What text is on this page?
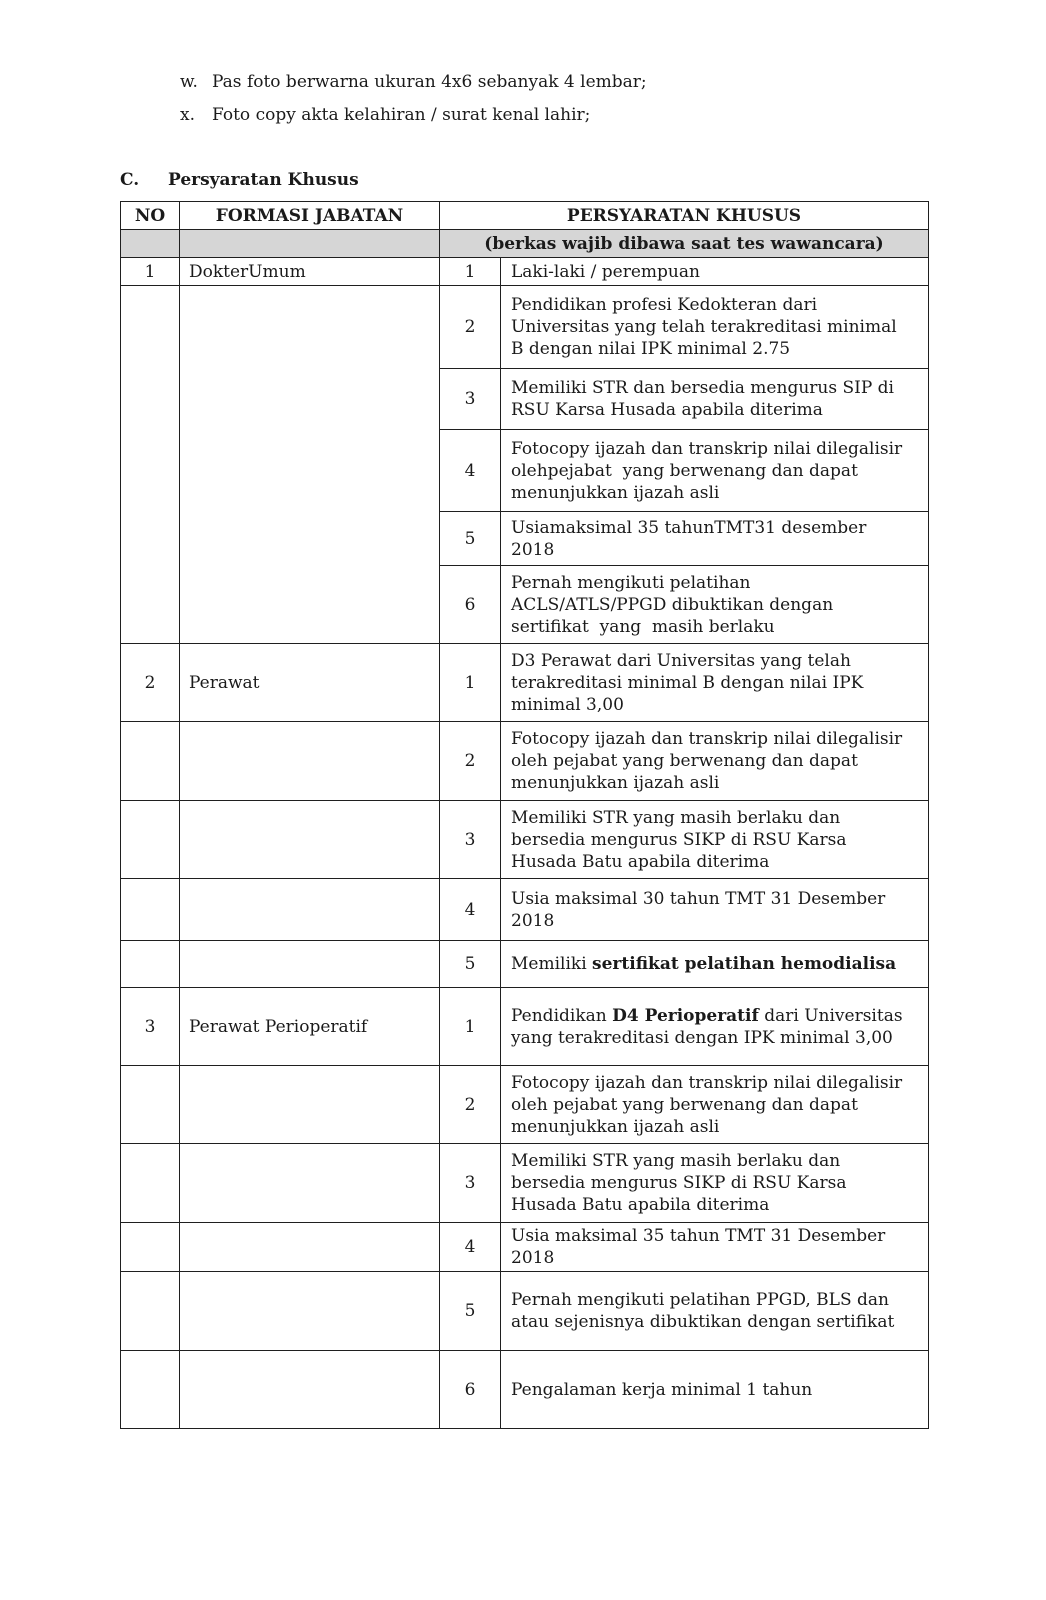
w. Pas foto berwarna ukuran 4x6 sebanyak 4 lembar;
x. Foto copy akta kelahiran / surat kenal lahir;
C. Persyaratan Khusus
NO	FORMASI JABATAN	PERSYARATAN KHUSUS	
		(berkas wajib dibawa saat tes wawancara)	
1	DokterUmum	1	Laki-laki / perempuan

		2	Pendidikan profesi Kedokteran dari
Universitas yang telah terakreditasi minimal
B dengan nilai IPK minimal 2.75

		3	Memiliki STR dan bersedia mengurus SIP di
RSU Karsa Husada apabila diterima

		4	Fotocopy ijazah dan transkrip nilai dilegalisir
olehpejabat  yang berwenang dan dapat
menunjukkan ijazah asli

		5	Usiamaksimal 35 tahunTMT31 desember
2018

		6	Pernah mengikuti pelatihan
ACLS/ATLS/PPGD dibuktikan dengan
sertifikat  yang  masih berlaku

2	Perawat	1	D3 Perawat dari Universitas yang telah
terakreditasi minimal B dengan nilai IPK
minimal 3,00

		2	Fotocopy ijazah dan transkrip nilai dilegalisir
oleh pejabat yang berwenang dan dapat
menunjukkan ijazah asli

		3	Memiliki STR yang masih berlaku dan
bersedia mengurus SIKP di RSU Karsa
Husada Batu apabila diterima

		4	Usia maksimal 30 tahun TMT 31 Desember
2018

		5	Memiliki sertifikat pelatihan hemodialisa

3	Perawat Perioperatif	1	Pendidikan D4 Perioperatif dari Universitas
yang terakreditasi dengan IPK minimal 3,00

		2	Fotocopy ijazah dan transkrip nilai dilegalisir
oleh pejabat yang berwenang dan dapat
menunjukkan ijazah asli

		3	Memiliki STR yang masih berlaku dan
bersedia mengurus SIKP di RSU Karsa
Husada Batu apabila diterima

		4	Usia maksimal 35 tahun TMT 31 Desember
2018

		5	Pernah mengikuti pelatihan PPGD, BLS dan
atau sejenisnya dibuktikan dengan sertifikat

		6	Pengalaman kerja minimal 1 tahun
